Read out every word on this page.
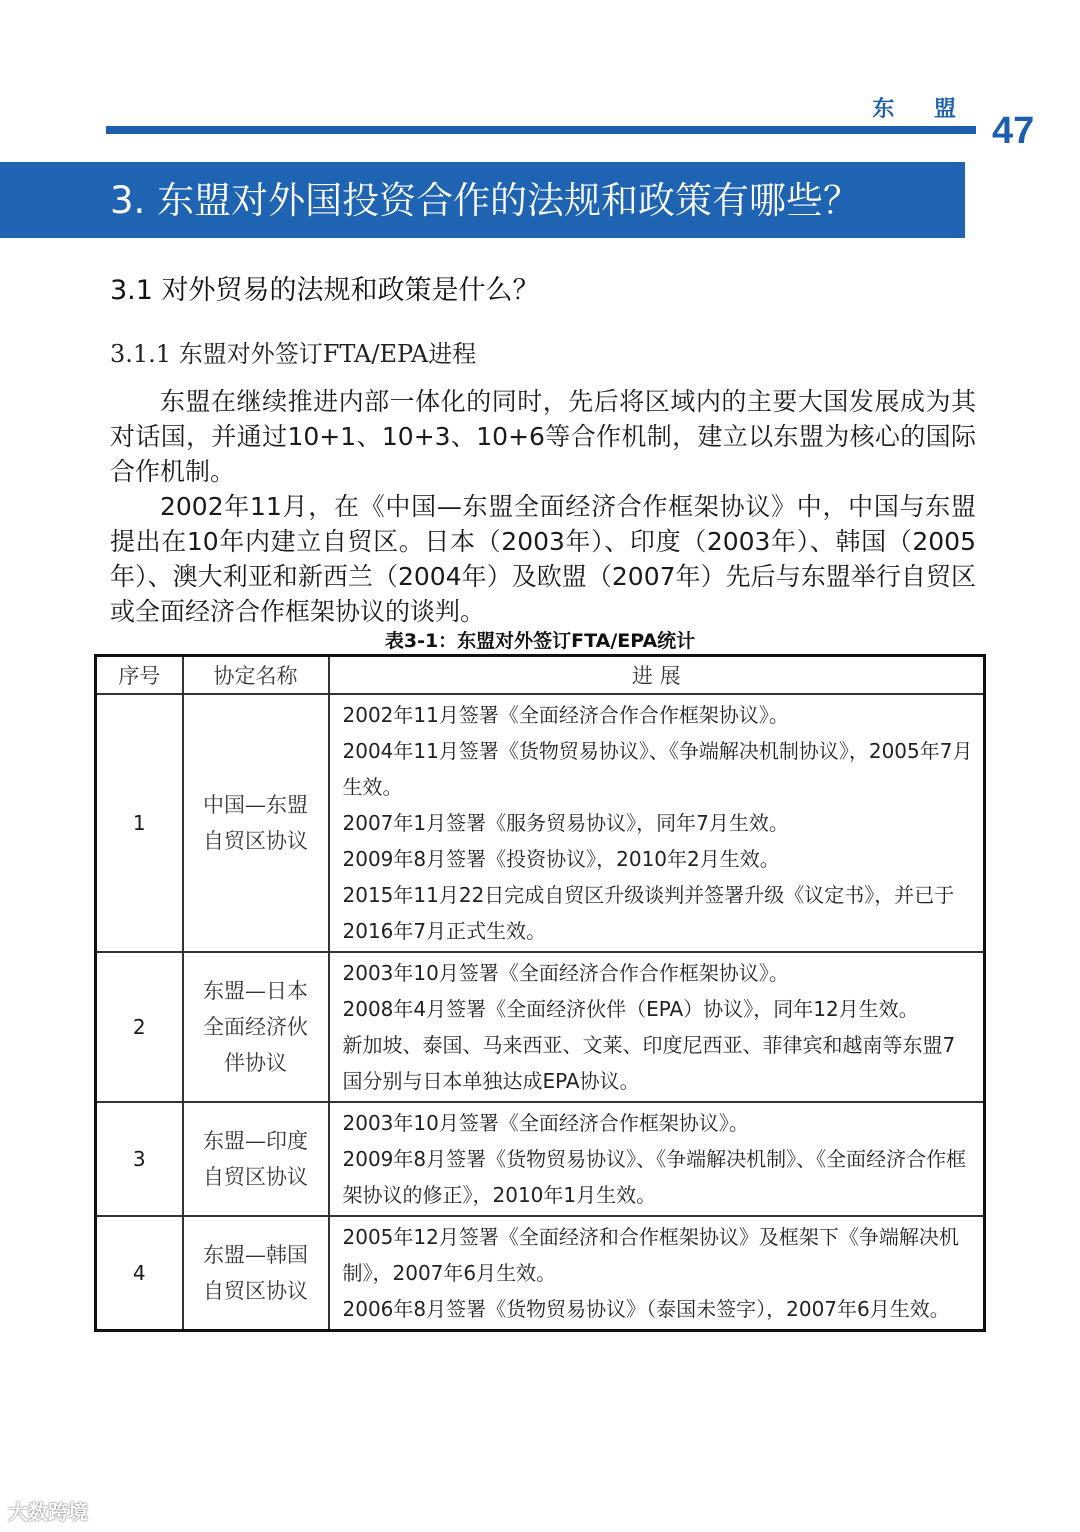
东 盟
47
3. 东盟对外国投资合作的法规和政策有哪些？
3.1 对外贸易的法规和政策是什么？
3.1.1 东盟对外签订FTA/EPA进程

东盟在继续推进内部一体化的同时，先后将区域内的主要大国发展成为其对话国，并通过10+1、10+3、10+6等合作机制，建立以东盟为核心的国际合作机制。

2002年11月，在《中国—东盟全面经济合作框架协议》中，中国与东盟提出在10年内建立自贸区。日本（2003年）、印度（2003年）、韩国（2005年）、澳大利亚和新西兰（2004年）及欧盟（2007年）先后与东盟举行自贸区或全面经济合作框架协议的谈判。

表3-1：东盟对外签订FTA/EPA统计
序号	协定名称	进 展
1	中国—东盟自贸区协议	2002年11月签署《全面经济合作合作框架协议》。
2004年11月签署《货物贸易协议》、《争端解决机制协议》，2005年7月生效。
2007年1月签署《服务贸易协议》，同年7月生效。
2009年8月签署《投资协议》，2010年2月生效。
2015年11月22日完成自贸区升级谈判并签署升级《议定书》，并已于2016年7月正式生效。

2	东盟—日本全面经济伙伴协议	2003年10月签署《全面经济合作合作框架协议》。
2008年4月签署《全面经济伙伴（EPA）协议》，同年12月生效。
新加坡、泰国、马来西亚、文莱、印度尼西亚、菲律宾和越南等东盟7国分别与日本单独达成EPA协议。

3	东盟—印度自贸区协议	2003年10月签署《全面经济合作框架协议》。
2009年8月签署《货物贸易协议》、《争端解决机制》、《全面经济合作框架协议的修正》，2010年1月生效。

4	东盟—韩国自贸区协议	2005年12月签署《全面经济和合作框架协议》及框架下《争端解决机制》，2007年6月生效。
2006年8月签署《货物贸易协议》（泰国未签字），2007年6月生效。
大数跨境
